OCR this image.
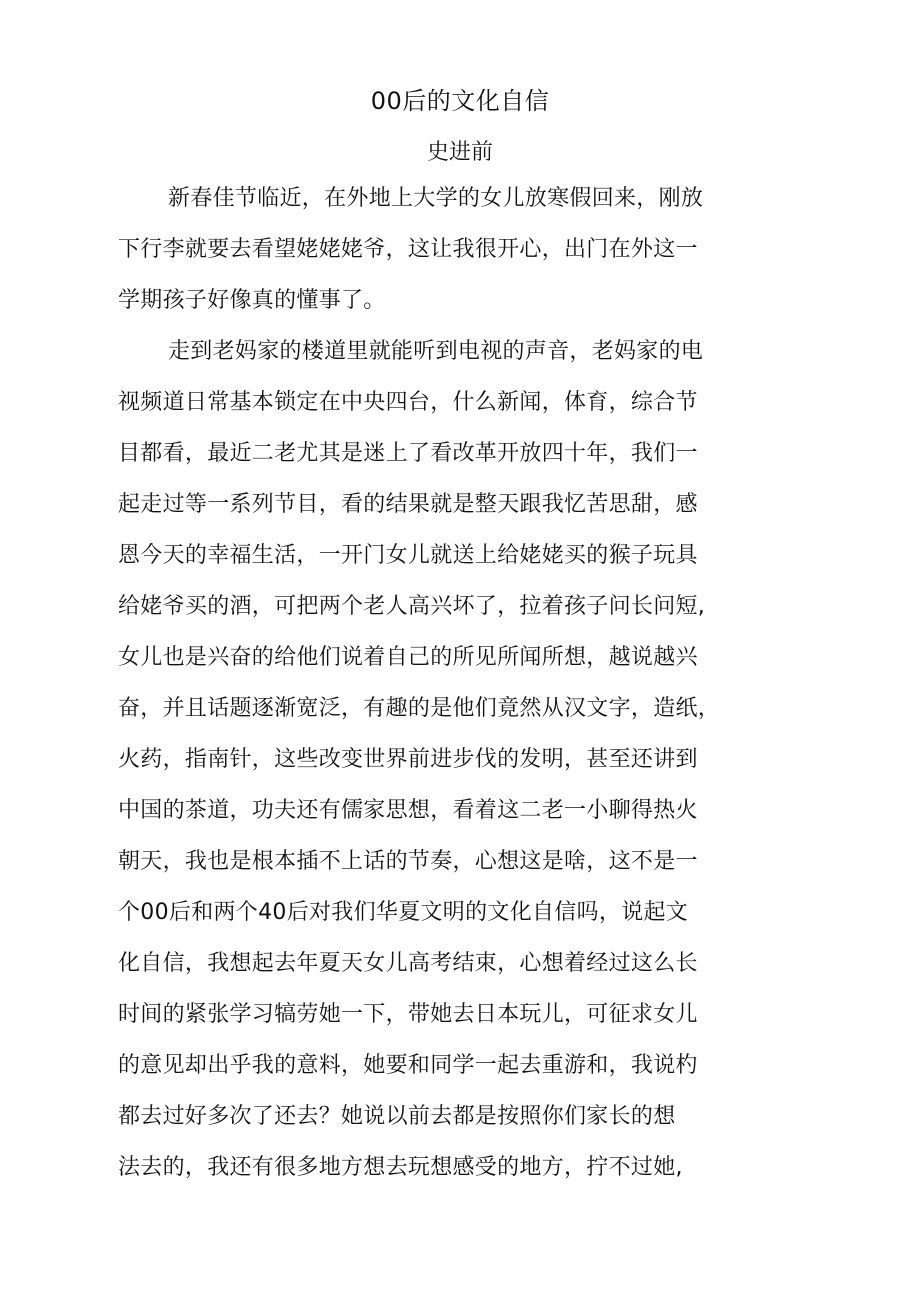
00后的文化自信
史进前
新春佳节临近，在外地上大学的女儿放寒假回来，刚放
下行李就要去看望姥姥姥爷，这让我很开心，出门在外这一
学期孩子好像真的懂事了。
走到老妈家的楼道里就能听到电视的声音，老妈家的电
视频道日常基本锁定在中央四台，什么新闻，体育，综合节
目都看，最近二老尤其是迷上了看改革开放四十年，我们一
起走过等一系列节目，看的结果就是整天跟我忆苦思甜，感
恩今天的幸福生活，一开门女儿就送上给姥姥买的猴子玩具
给姥爷买的酒，可把两个老人高兴坏了，拉着孩子问长问短,
女儿也是兴奋的给他们说着自己的所见所闻所想，越说越兴
奋，并且话题逐渐宽泛，有趣的是他们竟然从汉文字，造纸，
火药，指南针，这些改变世界前进步伐的发明，甚至还讲到
中国的茶道，功夫还有儒家思想，看着这二老一小聊得热火
朝天，我也是根本插不上话的节奏，心想这是啥，这不是一
个00后和两个40后对我们华夏文明的文化自信吗，说起文
化自信，我想起去年夏天女儿高考结束，心想着经过这么长
时间的紧张学习犒劳她一下，带她去日本玩儿，可征求女儿
的意见却出乎我的意料，她要和同学一起去重游和，我说杓
都去过好多次了还去？她说以前去都是按照你们家长的想
法去的，我还有很多地方想去玩想感受的地方，拧不过她,
